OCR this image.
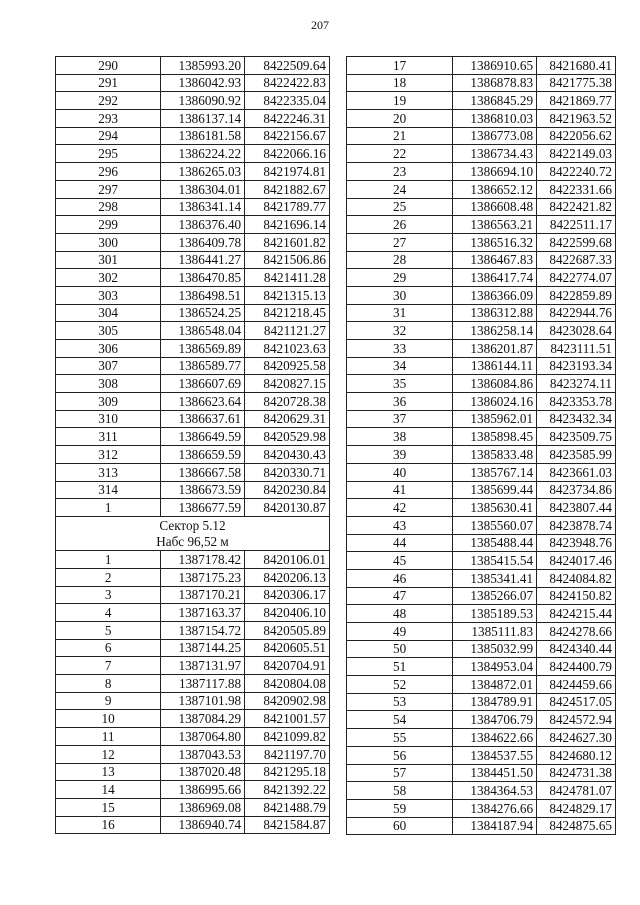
207
290	1385993.20	8422509.64
291	1386042.93	8422422.83
292	1386090.92	8422335.04
293	1386137.14	8422246.31
294	1386181.58	8422156.67
295	1386224.22	8422066.16
296	1386265.03	8421974.81
297	1386304.01	8421882.67
298	1386341.14	8421789.77
299	1386376.40	8421696.14
300	1386409.78	8421601.82
301	1386441.27	8421506.86
302	1386470.85	8421411.28
303	1386498.51	8421315.13
304	1386524.25	8421218.45
305	1386548.04	8421121.27
306	1386569.89	8421023.63
307	1386589.77	8420925.58
308	1386607.69	8420827.15
309	1386623.64	8420728.38
310	1386637.61	8420629.31
311	1386649.59	8420529.98
312	1386659.59	8420430.43
313	1386667.58	8420330.71
314	1386673.59	8420230.84
1	1386677.59	8420130.87
Сектор 5.12		
Набс 96,52 м		
1	1387178.42	8420106.01
2	1387175.23	8420206.13
3	1387170.21	8420306.17
4	1387163.37	8420406.10
5	1387154.72	8420505.89
6	1387144.25	8420605.51
7	1387131.97	8420704.91
8	1387117.88	8420804.08
9	1387101.98	8420902.98
10	1387084.29	8421001.57
11	1387064.80	8421099.82
12	1387043.53	8421197.70
13	1387020.48	8421295.18
14	1386995.66	8421392.22
15	1386969.08	8421488.79
16	1386940.74	8421584.87
17	1386910.65	8421680.41
18	1386878.83	8421775.38
19	1386845.29	8421869.77
20	1386810.03	8421963.52
21	1386773.08	8422056.62
22	1386734.43	8422149.03
23	1386694.10	8422240.72
24	1386652.12	8422331.66
25	1386608.48	8422421.82
26	1386563.21	8422511.17
27	1386516.32	8422599.68
28	1386467.83	8422687.33
29	1386417.74	8422774.07
30	1386366.09	8422859.89
31	1386312.88	8422944.76
32	1386258.14	8423028.64
33	1386201.87	8423111.51
34	1386144.11	8423193.34
35	1386084.86	8423274.11
36	1386024.16	8423353.78
37	1385962.01	8423432.34
38	1385898.45	8423509.75
39	1385833.48	8423585.99
40	1385767.14	8423661.03
41	1385699.44	8423734.86
42	1385630.41	8423807.44
43	1385560.07	8423878.74
44	1385488.44	8423948.76
45	1385415.54	8424017.46
46	1385341.41	8424084.82
47	1385266.07	8424150.82
48	1385189.53	8424215.44
49	1385111.83	8424278.66
50	1385032.99	8424340.44
51	1384953.04	8424400.79
52	1384872.01	8424459.66
53	1384789.91	8424517.05
54	1384706.79	8424572.94
55	1384622.66	8424627.30
56	1384537.55	8424680.12
57	1384451.50	8424731.38
58	1384364.53	8424781.07
59	1384276.66	8424829.17
60	1384187.94	8424875.65
